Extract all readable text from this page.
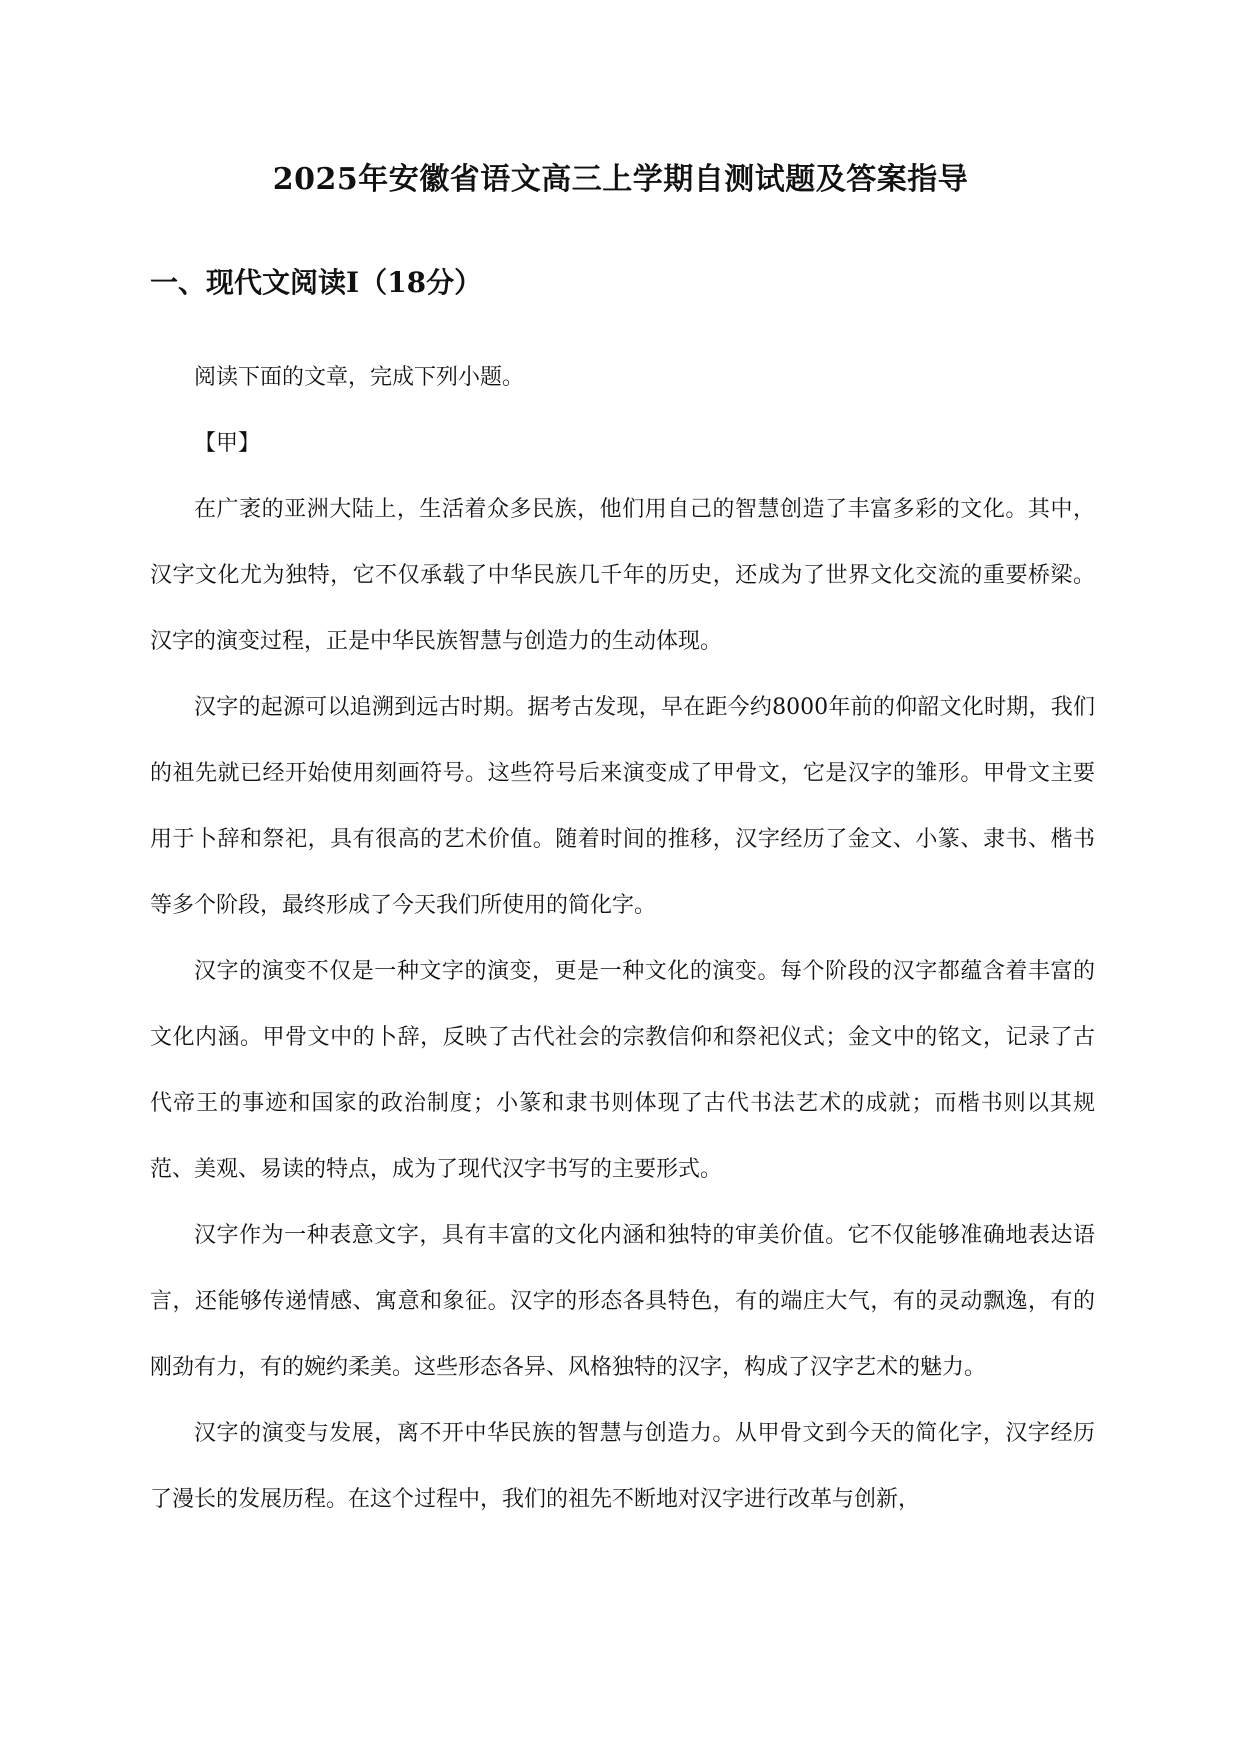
2025年安徽省语文高三上学期自测试题及答案指导
一、现代文阅读Ⅰ（18分）

阅读下面的文章，完成下列小题。

【甲】

在广袤的亚洲大陆上，生活着众多民族，他们用自己的智慧创造了丰富多彩的文化。其中，汉字文化尤为独特，它不仅承载了中华民族几千年的历史，还成为了世界文化交流的重要桥梁。汉字的演变过程，正是中华民族智慧与创造力的生动体现。

汉字的起源可以追溯到远古时期。据考古发现，早在距今约8000年前的仰韶文化时期，我们的祖先就已经开始使用刻画符号。这些符号后来演变成了甲骨文，它是汉字的雏形。甲骨文主要用于卜辞和祭祀，具有很高的艺术价值。随着时间的推移，汉字经历了金文、小篆、隶书、楷书等多个阶段，最终形成了今天我们所使用的简化字。

汉字的演变不仅是一种文字的演变，更是一种文化的演变。每个阶段的汉字都蕴含着丰富的文化内涵。甲骨文中的卜辞，反映了古代社会的宗教信仰和祭祀仪式；金文中的铭文，记录了古代帝王的事迹和国家的政治制度；小篆和隶书则体现了古代书法艺术的成就；而楷书则以其规范、美观、易读的特点，成为了现代汉字书写的主要形式。

汉字作为一种表意文字，具有丰富的文化内涵和独特的审美价值。它不仅能够准确地表达语言，还能够传递情感、寓意和象征。汉字的形态各具特色，有的端庄大气，有的灵动飘逸，有的刚劲有力，有的婉约柔美。这些形态各异、风格独特的汉字，构成了汉字艺术的魅力。

汉字的演变与发展，离不开中华民族的智慧与创造力。从甲骨文到今天的简化字，汉字经历了漫长的发展历程。在这个过程中，我们的祖先不断地对汉字进行改革与创新，
